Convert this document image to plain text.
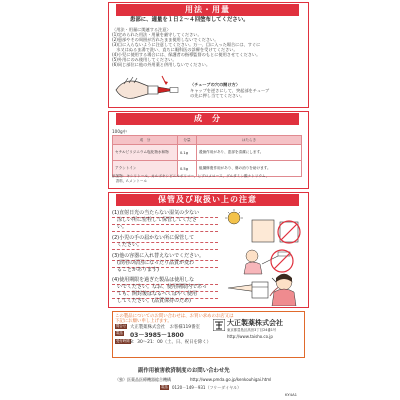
用法・用量
患部に、適量を１日２～４回塗布してください。
〈用法・用量に関連する注意〉
(1)定められた用法・用量を厳守してください。
(2)患部やその周囲が汚れたまま使用しないでください。
(3)目に入らないように注意してください。万一、目に入った場合には、すぐに
　水又はぬるま湯で洗い、直ちに眼科医の診療を受けてください。
(4)小児に使用する場合には、保護者の指導監督のもとに使用させてください。
(5)外用にのみ使用してください。
(6)同じ部位に他の外用薬と併用しないでください。
〈チューブの穴の開け方〉
キャップを逆さにして、突起部をチューブ
の先に押し当ててください。
成　分
100g中
成　分	分量	はたらき
セチルピリジニウム塩化物水和物	0.1g	殺菌作用があり、患部を清潔にします。
アラントイン	0.5g	組織修復作用があり、傷の治りを助けます。
添加物：キシリトール，カルボキシビニルポリマー，ヒプロメロース，グルタミン酸ナトリウム，
　香料，ℓ-メントール
保管及び取扱い上の注意
(1)直射日光の当たらない湿気の少ない
　涼しい所に密栓して保管してくださ
　い。
(2)小児の手の届かない所に保管して
　ください。
(3)他の容器に入れ替えないでください。
　(誤用の原因になったり品質が変わ
　ることがあります)
(4)使用期限を過ぎた製品は使用しな
　いでください。なお、使用期限内であっ
　ても、開封後はなるべくはやく使用
　してください。(品質保持のため)
この製品についてのお問い合わせは、お買い求めのお店又は
下記にお願い申し上げます。
問合せ 大正製薬株式会社　お客様119番室
電話 03－3985－1800
受付時間 8：30～21：00（土、日、祝日を除く）
大正製薬株式会社
東京都豊島区高田3丁目24番1号
http://www.taisho.co.jp
副作用被害救済制度のお問い合わせ先
（独）医薬品医療機器総合機構	http://www.pmda.go.jp/kenkouhigai.html
電話 0120－149－931（フリーダイヤル）
KY4A1
